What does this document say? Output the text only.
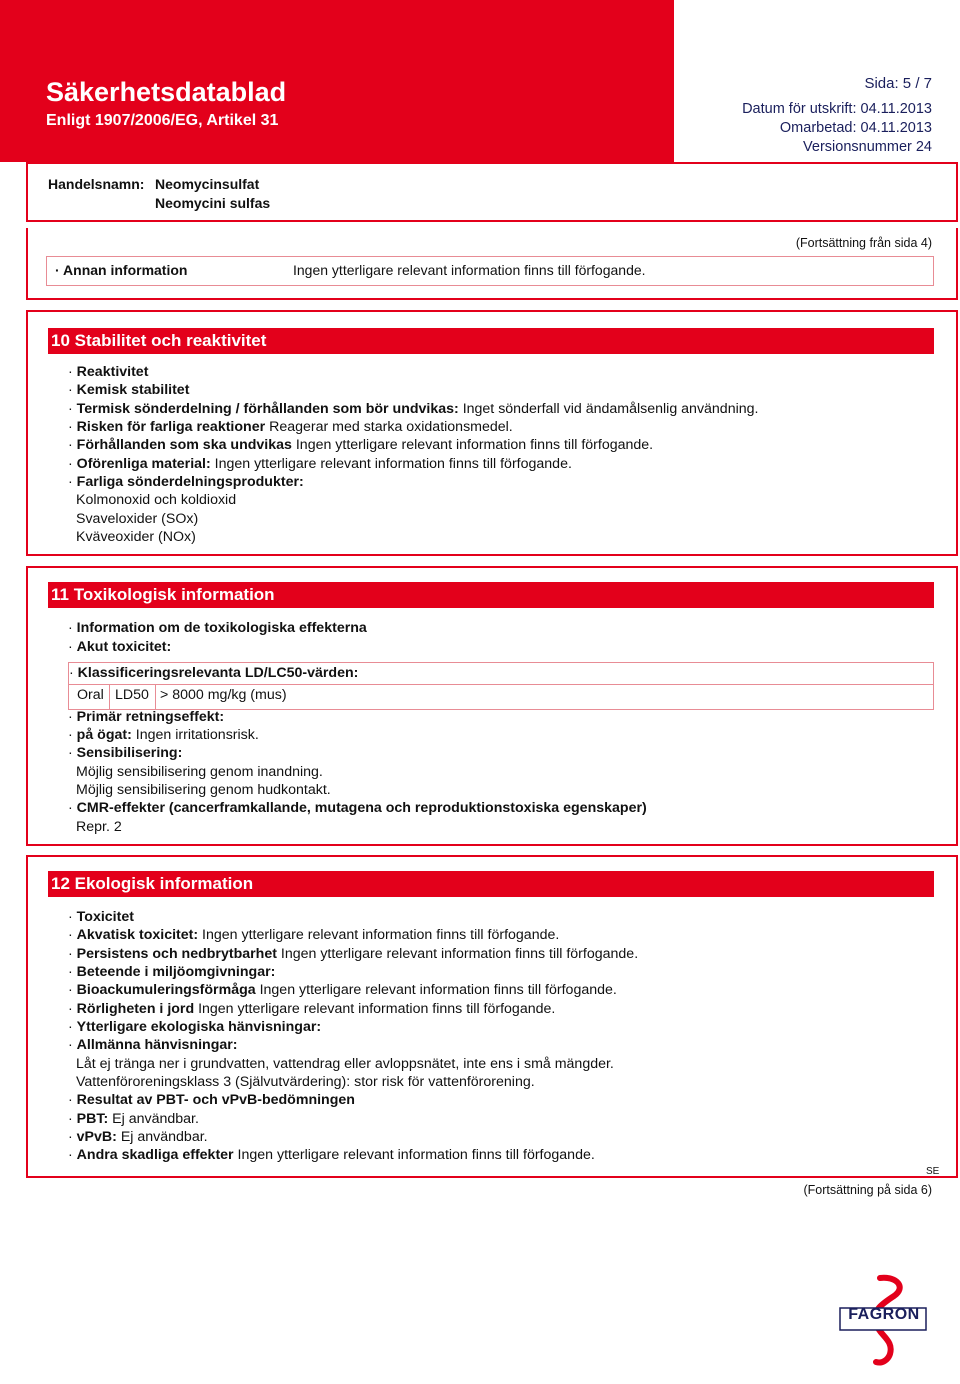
Säkerhetsdatablad
Enligt 1907/2006/EG, Artikel 31
Sida: 5 / 7
Datum för utskrift: 04.11.2013
Omarbetad: 04.11.2013
Versionsnummer 24
Handelsnamn: Neomycinsulfat
Neomycini sulfas
(Fortsättning från sida 4)
· Annan information	Ingen ytterligare relevant information finns till förfogande.
10 Stabilitet och reaktivitet
· Reaktivitet
· Kemisk stabilitet
· Termisk sönderdelning / förhållanden som bör undvikas: Inget sönderfall vid ändamålsenlig användning.
· Risken för farliga reaktioner Reagerar med starka oxidationsmedel.
· Förhållanden som ska undvikas Ingen ytterligare relevant information finns till förfogande.
· Oförenliga material: Ingen ytterligare relevant information finns till förfogande.
· Farliga sönderdelningsprodukter:
Kolmonoxid och koldioxid
Svaveloxider (SOx)
Kväveoxider (NOx)
11 Toxikologisk information
· Information om de toxikologiska effekterna
· Akut toxicitet:
· Klassificeringsrelevanta LD/LC50-värden:
Oral LD50 > 8000 mg/kg (mus)
· Primär retningseffekt:
· på ögat: Ingen irritationsrisk.
· Sensibilisering:
Möjlig sensibilisering genom inandning.
Möjlig sensibilisering genom hudkontakt.
· CMR-effekter (cancerframkallande, mutagena och reproduktionstoxiska egenskaper)
Repr. 2
12 Ekologisk information
· Toxicitet
· Akvatisk toxicitet: Ingen ytterligare relevant information finns till förfogande.
· Persistens och nedbrytbarhet Ingen ytterligare relevant information finns till förfogande.
· Beteende i miljöomgivningar:
· Bioackumuleringsförmåga Ingen ytterligare relevant information finns till förfogande.
· Rörligheten i jord Ingen ytterligare relevant information finns till förfogande.
· Ytterligare ekologiska hänvisningar:
· Allmänna hänvisningar:
Låt ej tränga ner i grundvatten, vattendrag eller avloppsnätet, inte ens i små mängder.
Vattenföroreningsklass 3 (Självutvärdering): stor risk för vattenförorening.
· Resultat av PBT- och vPvB-bedömningen
· PBT: Ej användbar.
· vPvB: Ej användbar.
· Andra skadliga effekter Ingen ytterligare relevant information finns till förfogande.
SE
(Fortsättning på sida 6)
FAGRON
